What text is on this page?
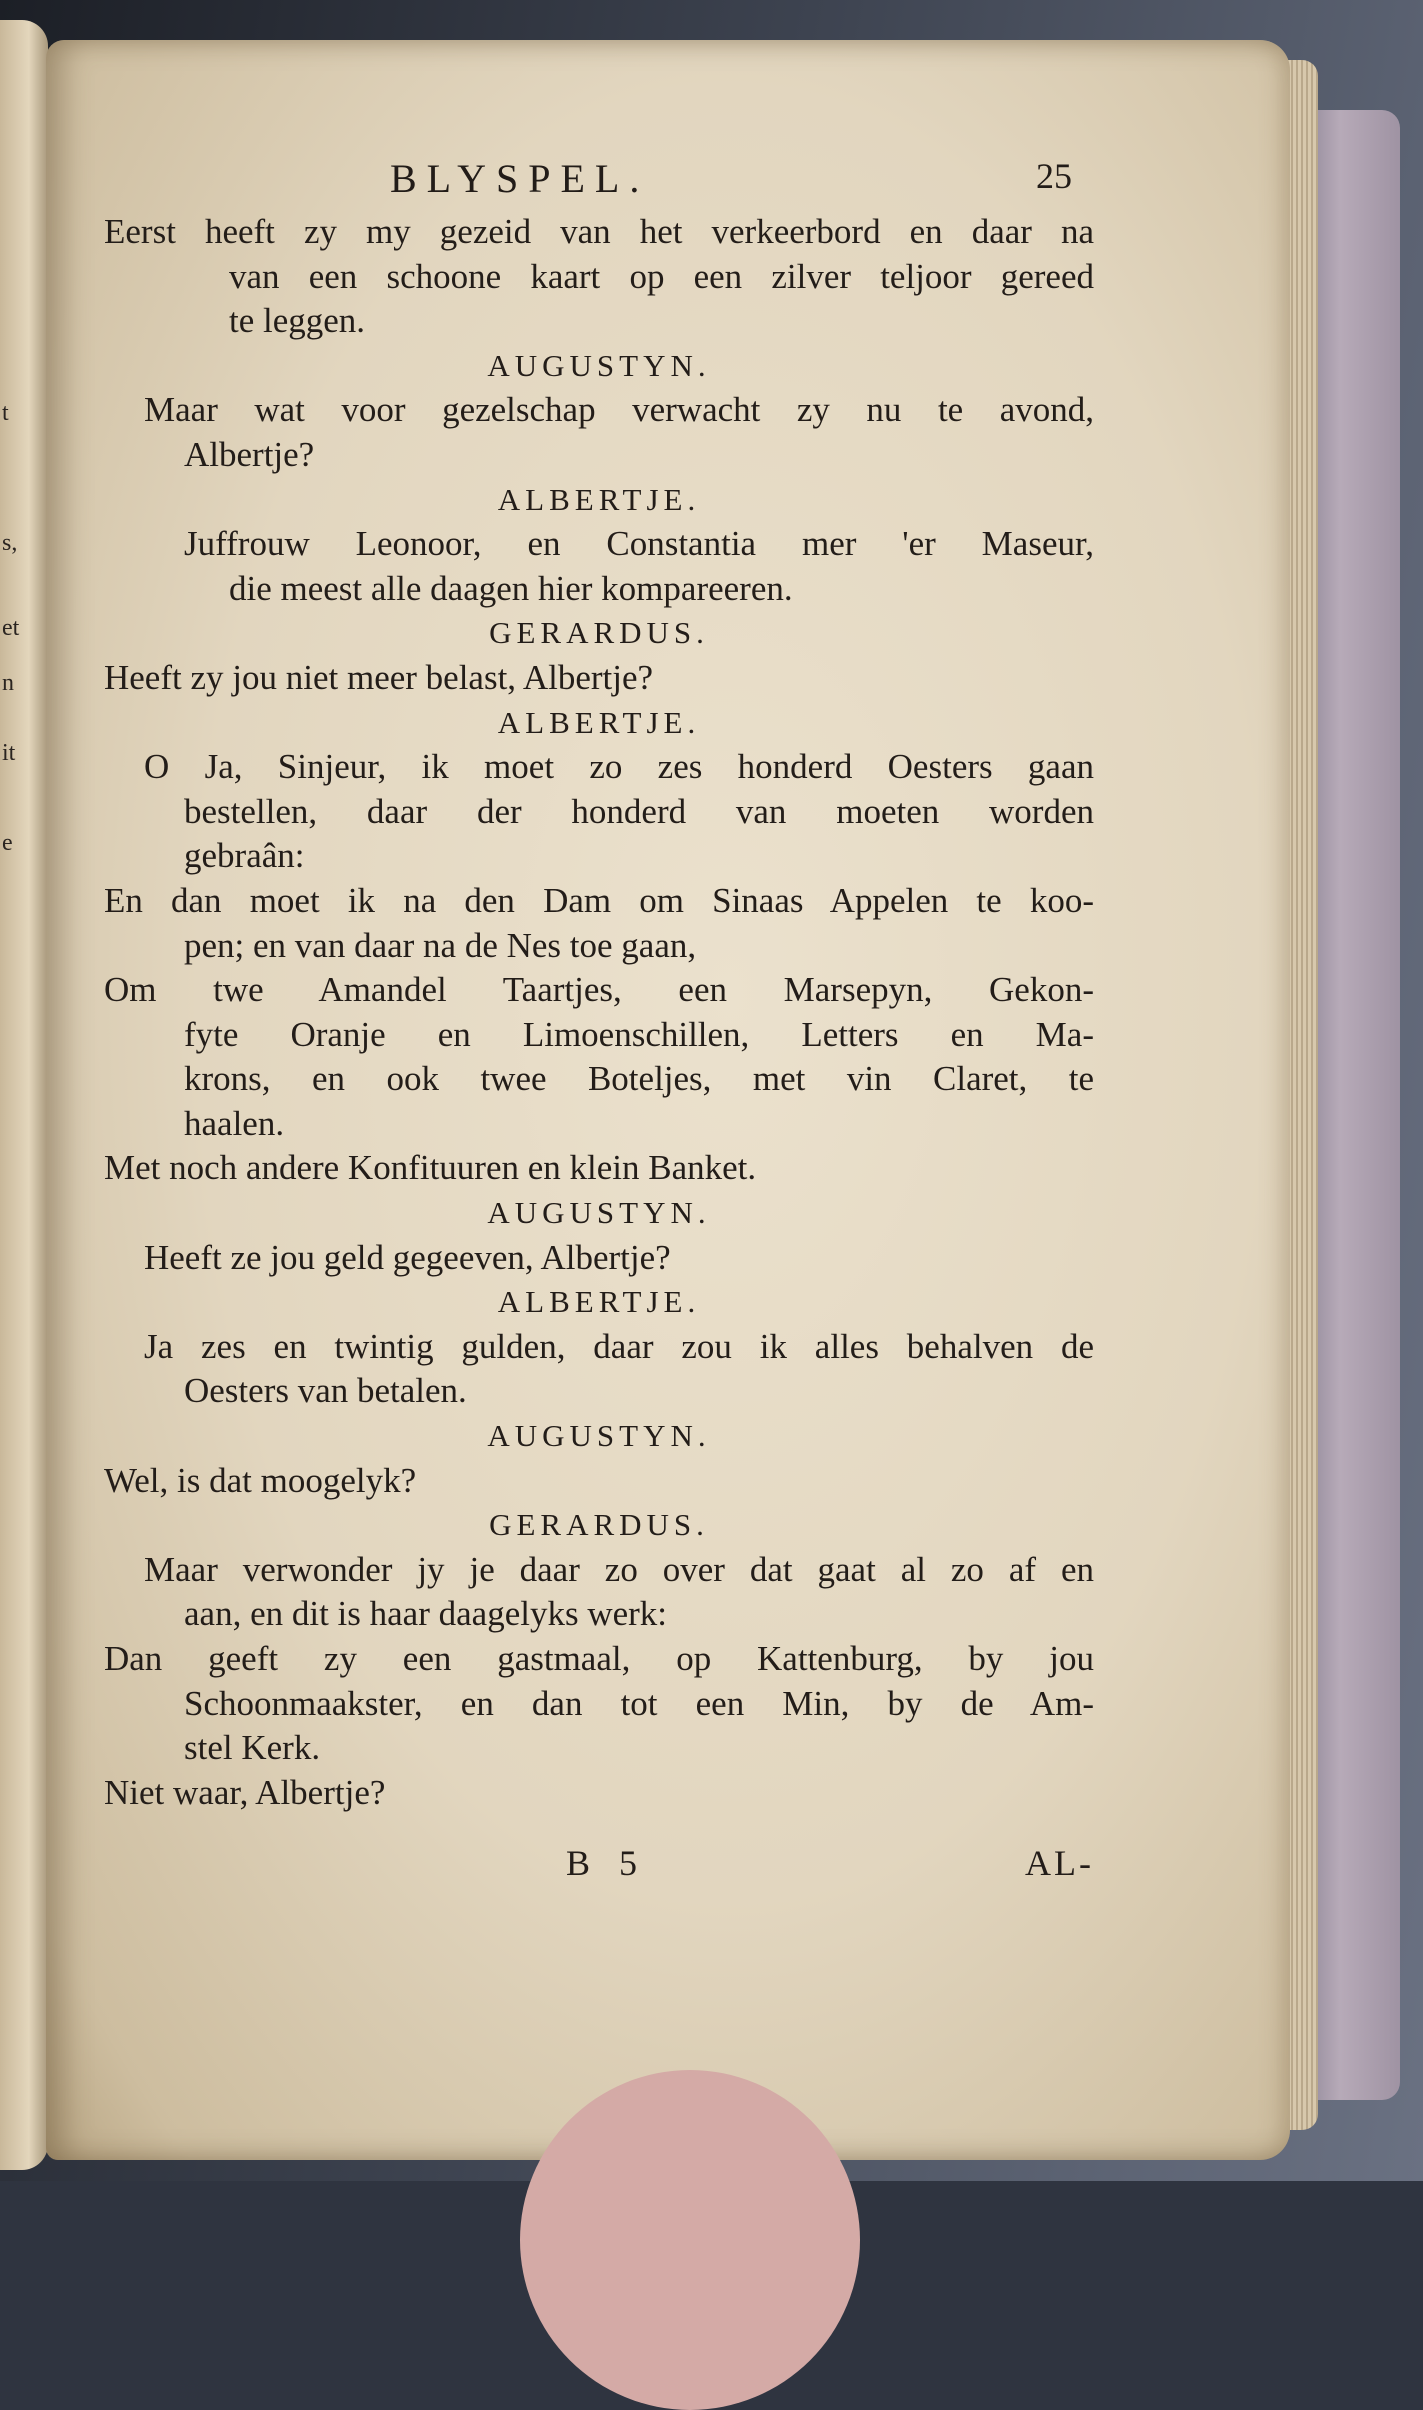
t
s,
et
n
it
e
BLYSPEL.	25
Eerst heeft zy my gezeid van het verkeerbord en daar na
van een schoone kaart op een zilver teljoor gereed
te leggen.
AUGUSTYN.
Maar wat voor gezelschap verwacht zy nu te avond,
Albertje?
ALBERTJE.
Juffrouw Leonoor, en Constantia mer 'er Maseur,
die meest alle daagen hier kompareeren.
GERARDUS.
Heeft zy jou niet meer belast, Albertje?
ALBERTJE.
O Ja, Sinjeur, ik moet zo zes honderd Oesters gaan
bestellen, daar der honderd van moeten worden
gebraân:
En dan moet ik na den Dam om Sinaas Appelen te koo-
pen; en van daar na de Nes toe gaan,
Om twe Amandel Taartjes, een Marsepyn, Gekon-
fyte Oranje en Limoenschillen, Letters en Ma-
krons, en ook twee Boteljes, met vin Claret, te
haalen.
Met noch andere Konfituuren en klein Banket.
AUGUSTYN.
Heeft ze jou geld gegeeven, Albertje?
ALBERTJE.
Ja zes en twintig gulden, daar zou ik alles behalven de
Oesters van betalen.
AUGUSTYN.
Wel, is dat moogelyk?
GERARDUS.
Maar verwonder jy je daar zo over dat gaat al zo af en
aan, en dit is haar daagelyks werk:
Dan geeft zy een gastmaal, op Kattenburg, by jou
Schoonmaakster, en dan tot een Min, by de Am-
stel Kerk.
Niet waar, Albertje?
B 5	AL-
